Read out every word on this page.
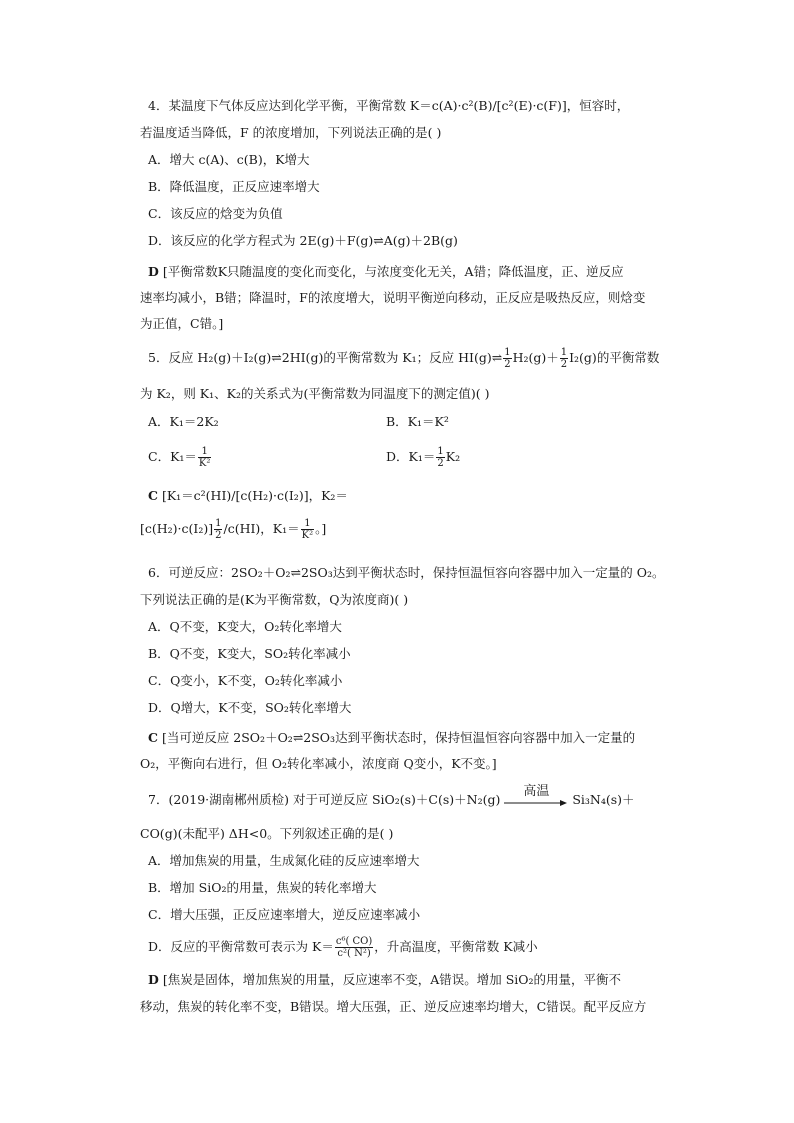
4．某温度下气体反应达到化学平衡，平衡常数 K＝c(A)·c²(B)/[c²(E)·c(F)]，恒容时，
若温度适当降低，F 的浓度增加，下列说法正确的是( )
A．增大 c(A)、c(B)，K增大
B．降低温度，正反应速率增大
C．该反应的焓变为负值
D．该反应的化学方程式为 2E(g)＋F(g)⇌A(g)＋2B(g)
D [平衡常数K只随温度的变化而变化，与浓度变化无关，A错；降低温度，正、逆反应
速率均减小，B错；降温时，F的浓度增大，说明平衡逆向移动，正反应是吸热反应，则焓变
为正值，C错。]
5．反应 H₂(g)＋I₂(g)⇌2HI(g)的平衡常数为 K₁；反应 HI(g)⇌ $\frac{1}{2} H_2(g)+ \frac{1}{2} I_2(g)$的平衡常数
为 K₂，则 K₁、K₂的关系式为(平衡常数为同温度下的测定值)( )
A．K₁＝2K₂	B．K₁＝K²
C．$K_1= \frac{1}{\text{K²}}$	D．$K_1= \frac{1}{2} K_2$
C [K₁＝c²(HI)/[c(H₂)·c(I₂)]，K₂＝
$[c(H_2)\cdot c(I_2)] \frac{1}{2} /c(HI)$，$K_1= \frac{1}{\text{K²}}$ 。]
6．可逆反应：2SO₂＋O₂⇌2SO₃达到平衡状态时，保持恒温恒容向容器中加入一定量的 O₂。
下列说法正确的是(K为平衡常数，Q为浓度商)( )
A．Q不变，K变大，O₂转化率增大
B．Q不变，K变大，SO₂转化率减小
C．Q变小，K不变，O₂转化率减小
D．Q增大，K不变，SO₂转化率增大
C [当可逆反应 2SO₂＋O₂⇌2SO₃达到平衡状态时，保持恒温恒容向容器中加入一定量的
O₂，平衡向右进行，但 O₂转化率减小，浓度商 Q变小，K不变。]
7．(2019·湖南郴州质检) 对于可逆反应 SiO₂(s)＋C(s)＋N₂(g)
高温
Si₃N₄(s)＋
CO(g)(未配平) ΔH<0。下列叙述正确的是( )
A．增加焦炭的用量，生成氮化硅的反应速率增大
B．增加 SiO₂的用量，焦炭的转化率增大
C．增大压强，正反应速率增大，逆反应速率减小
D．反应的平衡常数可表示为 $K= \frac{\text{c⁶( CO)}}{\text{c²( N²)}}$ ，升高温度，平衡常数 K减小
D [焦炭是固体，增加焦炭的用量，反应速率不变，A错误。增加 SiO₂的用量，平衡不
移动，焦炭的转化率不变，B错误。增大压强，正、逆反应速率均增大，C错误。配平反应方
